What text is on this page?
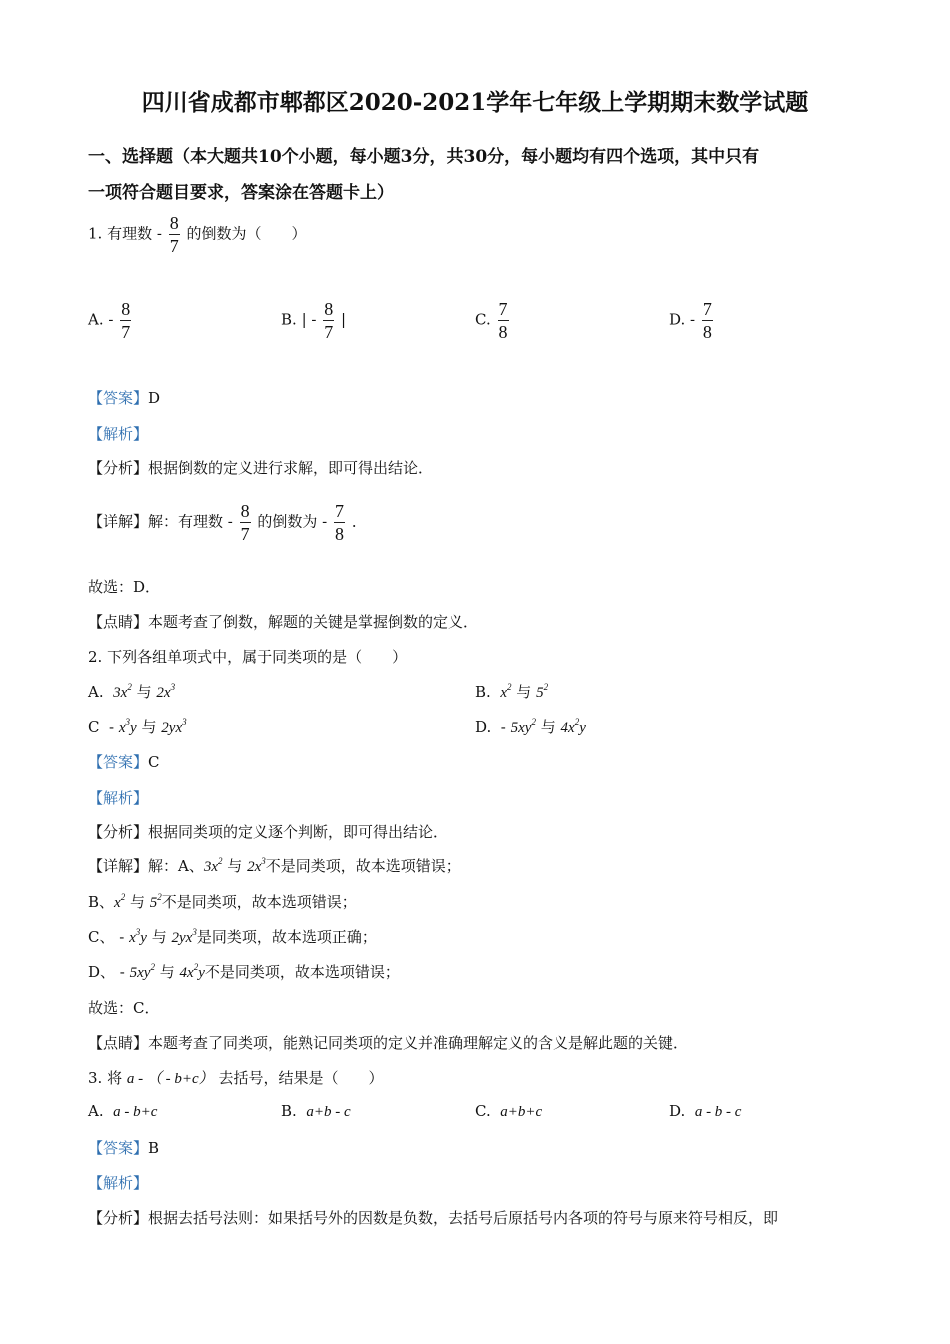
四川省成都市郫都区2020-2021学年七年级上学期期末数学试题
一、选择题（本大题共10个小题，每小题3分，共30分，每小题均有四个选项，其中只有
一项符合题目要求，答案涂在答题卡上）
1. 有理数 - $\frac{8}{7}$ 的倒数为（　　）
A. - $\frac{8}{7}$	B. | - $\frac{8}{7}$ |	C. $\frac{7}{8}$	D. - $\frac{7}{8}$
【答案】D
【解析】
【分析】根据倒数的定义进行求解，即可得出结论．
【详解】解：有理数 - $\frac{8}{7}$ 的倒数为 - $\frac{7}{8}$ ．
故选：D．
【点睛】本题考查了倒数，解题的关键是掌握倒数的定义．
2. 下列各组单项式中，属于同类项的是（　　）
A. $3x^2$ 与 $2x^3$	B. $x^2$ 与 $5^2$
C  - $x^3y$ 与 $2yx^3$	D.  - $5xy^2$ 与 $4x^2y$
【答案】C
【解析】
【分析】根据同类项的定义逐个判断，即可得出结论．
【详解】解：A、$3x^2$ 与 $2x^3$不是同类项，故本选项错误；
B、$x^2$ 与 $5^2$不是同类项，故本选项错误；
C、 - $x^3y$ 与 $2yx^3$是同类项，故本选项正确；
D、 - $5xy^2$ 与 $4x^2y$不是同类项，故本选项错误；
故选：C．
【点睛】本题考查了同类项，能熟记同类项的定义并准确理解定义的含义是解此题的关键．
3. 将 a - （ - b+c） 去括号，结果是（　　）
A. a - b+c	B. a+b - c	C. a+b+c	D. a - b - c
【答案】B
【解析】
【分析】根据去括号法则：如果括号外的因数是负数，去括号后原括号内各项的符号与原来符号相反，即
